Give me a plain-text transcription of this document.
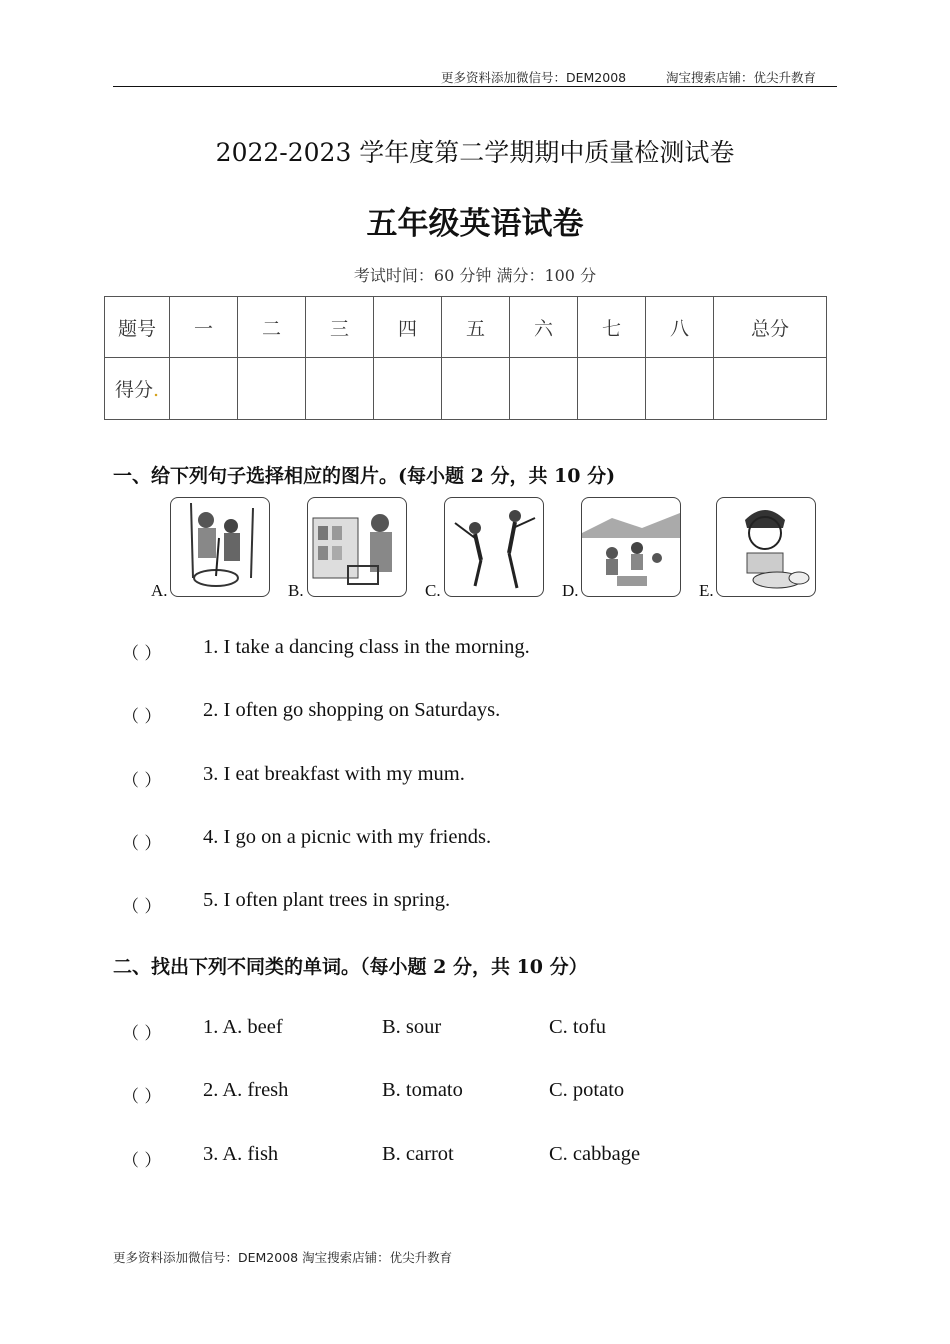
更多资料添加微信号：DEM2008	淘宝搜索店铺：优尖升教育
2022-2023 学年度第二学期期中质量检测试卷
五年级英语试卷
考试时间：60 分钟 满分：100 分
题号	一	二	三	四	五	六	七	八	总分
得分.									
一、给下列句子选择相应的图片。(每小题 2 分，共 10 分)
A.	B.	C.	D.	E.
（ ） 1. I take a dancing class in the morning.
（ ） 2. I often go shopping on Saturdays.
（ ） 3. I eat breakfast with my mum.
（ ） 4. I go on a picnic with my friends.
（ ） 5. I often plant trees in spring.
二、找出下列不同类的单词。（每小题 2 分，共 10 分）
（ ） 1. A. beef	B. sour	C. tofu
（ ） 2. A. fresh	B. tomato	C. potato
（ ） 3. A. fish	B. carrot	C. cabbage
更多资料添加微信号：DEM2008 淘宝搜索店铺：优尖升教育
